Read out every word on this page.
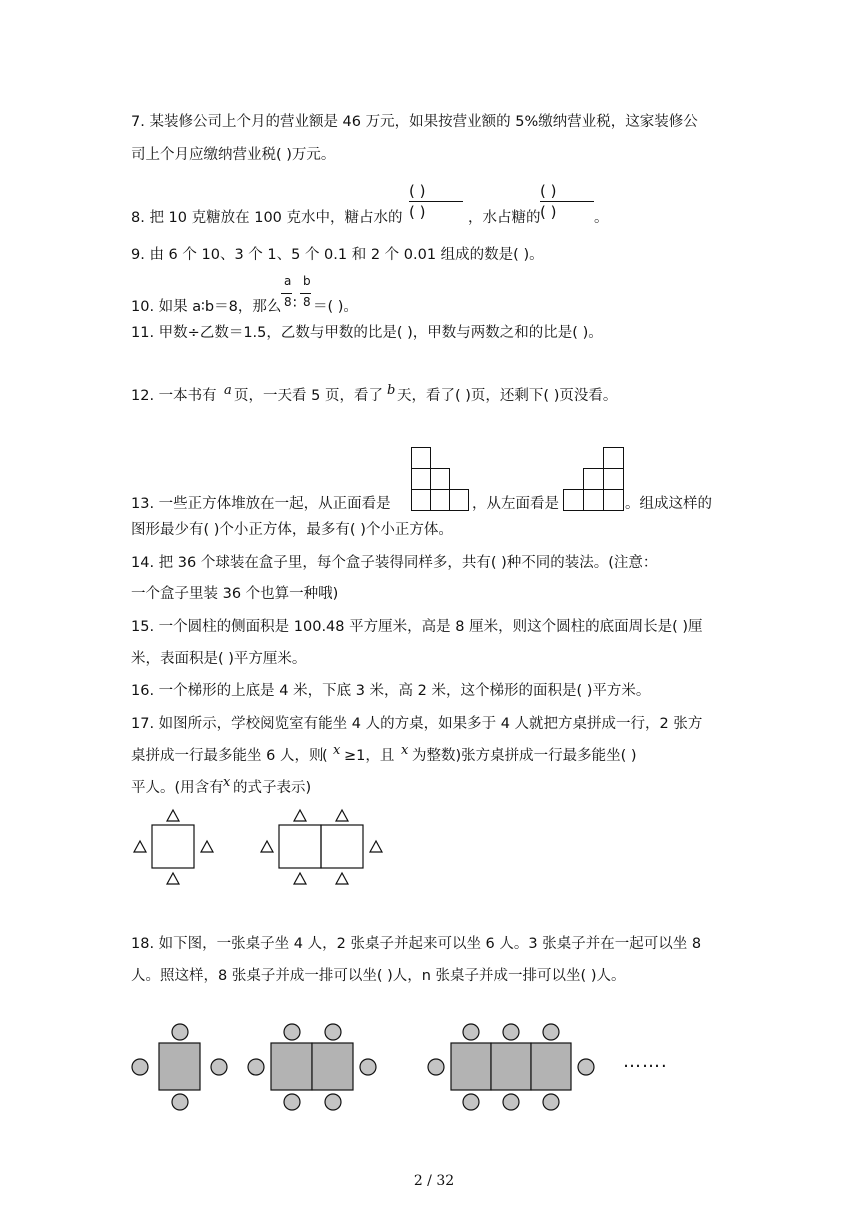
7. 某装修公司上个月的营业额是 46 万元，如果按营业额的 5%缴纳营业税，这家装修公
司上个月应缴纳营业税( )万元。
8. 把 10 克糖放在 100 克水中，糖占水的
( )
( )	，水占糖的
( )
( )	。
9. 由 6 个 10、3 个 1、5 个 0.1 和 2 个 0.01 组成的数是( )。
10. 如果 a∶b＝8，那么
a
8 ∶
b
8 ＝( )。
11. 甲数÷乙数＝1.5，乙数与甲数的比是( )，甲数与两数之和的比是( )。
12. 一本书有 a 页，一天看 5 页，看了 b 天，看了( )页，还剩下( )页没看。
13. 一些正方体堆放在一起，从正面看是	，从左面看是	。组成这样的
图形最少有( )个小正方体，最多有( )个小正方体。
14. 把 36 个球装在盒子里，每个盒子装得同样多，共有( )种不同的装法。(注意：
一个盒子里装 36 个也算一种哦)
15. 一个圆柱的侧面积是 100.48 平方厘米，高是 8 厘米，则这个圆柱的底面周长是( )厘
米，表面积是( )平方厘米。
16. 一个梯形的上底是 4 米，下底 3 米，高 2 米，这个梯形的面积是( )平方米。
17. 如图所示，学校阅览室有能坐 4 人的方桌，如果多于 4 人就把方桌拼成一行，2 张方
桌拼成一行最多能坐 6 人，则
( x ≥1，且 x 为整数)张方桌拼成一行最多能坐( )
平人。(用含有 x 的式子表示)
18. 如下图，一张桌子坐 4 人，2 张桌子并起来可以坐 6 人。3 张桌子并在一起可以坐 8
人。照这样，8 张桌子并成一排可以坐( )人，n 张桌子并成一排可以坐( )人。
…….
2 / 32
